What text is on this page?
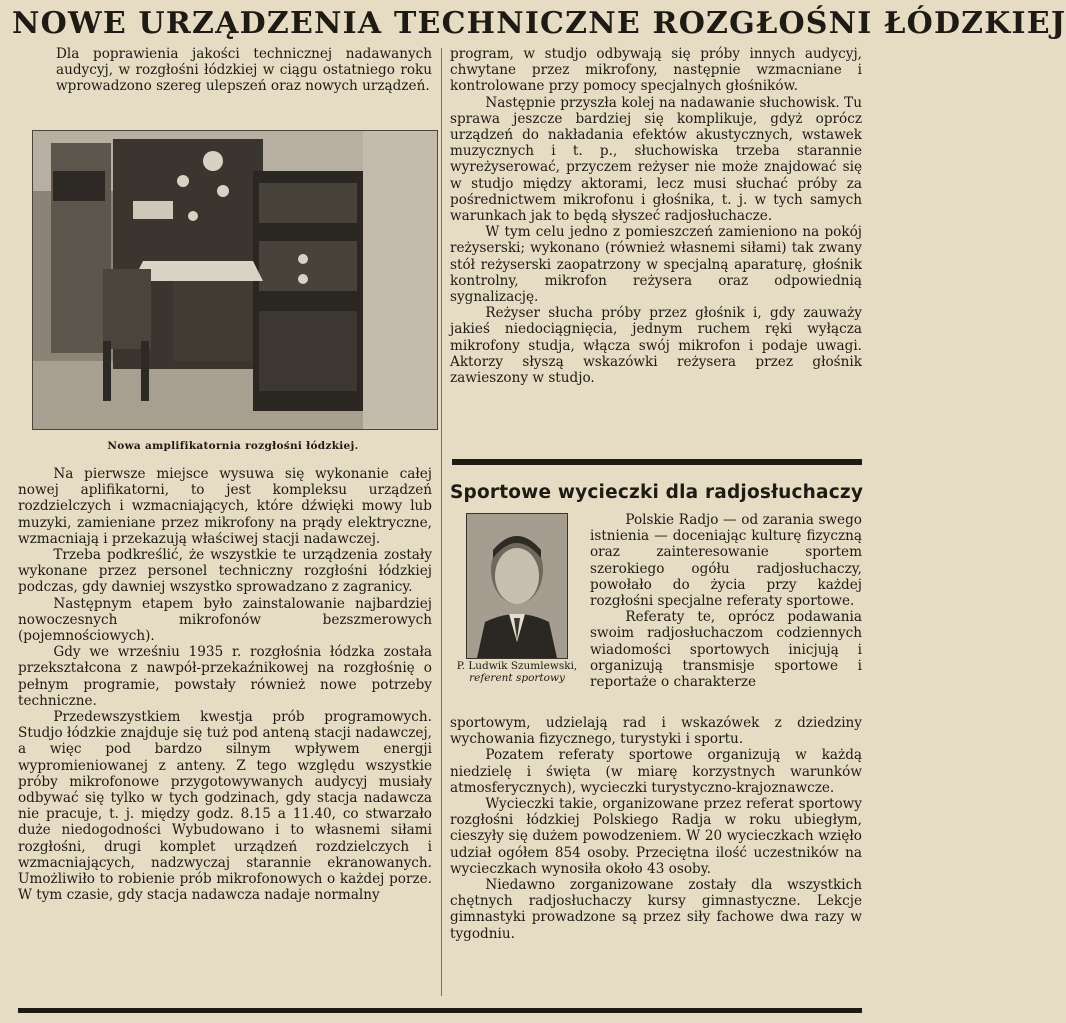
NOWE URZĄDZENIA TECHNICZNE ROZGŁOŚNI ŁÓDZKIEJ

Dla poprawienia jakości technicznej nadawanych audycyj, w rozgłośni łódzkiej w ciągu ostatniego roku wprowadzono szereg ulepszeń oraz nowych urządzeń.

Nowa amplifikatornia rozgłośni łódzkiej.

Na pierwsze miejsce wysuwa się wykonanie całej nowej aplifikatorni, to jest kompleksu urządzeń rozdzielczych i wzmacniających, które dźwięki mowy lub muzyki, zamieniane przez mikrofony na prądy elektryczne, wzmacniają i przekazują właściwej stacji nadawczej.

Trzeba podkreślić, że wszystkie te urządzenia zostały wykonane przez personel techniczny rozgłośni łódzkiej podczas, gdy dawniej wszystko sprowadzano z zagranicy.

Następnym etapem było zainstalowanie najbardziej nowoczesnych mikrofonów bezszmerowych (pojemnościowych).

Gdy we wrześniu 1935 r. rozgłośnia łódzka została przekształcona z nawpół-przekaźnikowej na rozgłośnię o pełnym programie, powstały również nowe potrzeby techniczne.

Przedewszystkiem kwestja prób programowych. Studjo łódzkie znajduje się tuż pod anteną stacji nadawczej, a więc pod bardzo silnym wpływem energji wypromieniowanej z anteny. Z tego względu wszystkie próby mikrofonowe przygotowywanych audycyj musiały odbywać się tylko w tych godzinach, gdy stacja nadawcza nie pracuje, t. j. między godz. 8.15 a 11.40, co stwarzało duże niedogodności Wybudowano i to własnemi siłami rozgłośni, drugi komplet urządzeń rozdzielczych i wzmacniających, nadzwyczaj starannie ekranowanych. Umożliwiło to robienie prób mikrofonowych o każdej porze. W tym czasie, gdy stacja nadawcza nadaje normalny

program, w studjo odbywają się próby innych audycyj, chwytane przez mikrofony, następnie wzmacniane i kontrolowane przy pomocy specjalnych głośników.

Następnie przyszła kolej na nadawanie słuchowisk. Tu sprawa jeszcze bardziej się komplikuje, gdyż oprócz urządzeń do nakładania efektów akustycznych, wstawek muzycznych i t. p., słuchowiska trzeba starannie wyreżyserować, przyczem reżyser nie może znajdować się w studjo między aktorami, lecz musi słuchać próby za pośrednictwem mikrofonu i głośnika, t. j. w tych samych warunkach jak to będą słyszeć radjosłuchacze.

W tym celu jedno z pomieszczeń zamieniono na pokój reżyserski; wykonano (również własnemi siłami) tak zwany stół reżyserski zaopatrzony w specjalną aparaturę, głośnik kontrolny, mikrofon reżysera oraz odpowiednią sygnalizację.

Reżyser słucha próby przez głośnik i, gdy zauważy jakieś niedociągnięcia, jednym ruchem ręki wyłącza mikrofony studja, włącza swój mikrofon i podaje uwagi. Aktorzy słyszą wskazówki reżysera przez głośnik zawieszony w studjo.

Sportowe wycieczki dla radjosłuchaczy
P. Ludwik Szumlewski,
referent sportowy

Polskie Radjo — od zarania swego istnienia — doceniając kulturę fizyczną oraz zainteresowanie sportem szerokiego ogółu radjosłuchaczy, powołało do życia przy każdej rozgłośni specjalne referaty sportowe.

Referaty te, oprócz podawania swoim radjosłuchaczom codziennych wiadomości sportowych inicjują i organizują transmisje sportowe i reportaże o charakterze

sportowym, udzielają rad i wskazówek z dziedziny wychowania fizycznego, turystyki i sportu.

Pozatem referaty sportowe organizują w każdą niedzielę i święta (w miarę korzystnych warunków atmosferycznych), wycieczki turystyczno-krajoznawcze.

Wycieczki takie, organizowane przez referat sportowy rozgłośni łódzkiej Polskiego Radja w roku ubiegłym, cieszyły się dużem powodzeniem. W 20 wycieczkach wzięło udział ogółem 854 osoby. Przeciętna ilość uczestników na wycieczkach wynosiła około 43 osoby.

Niedawno zorganizowane zostały dla wszystkich chętnych radjosłuchaczy kursy gimnastyczne. Lekcje gimnastyki prowadzone są przez siły fachowe dwa razy w tygodniu.
